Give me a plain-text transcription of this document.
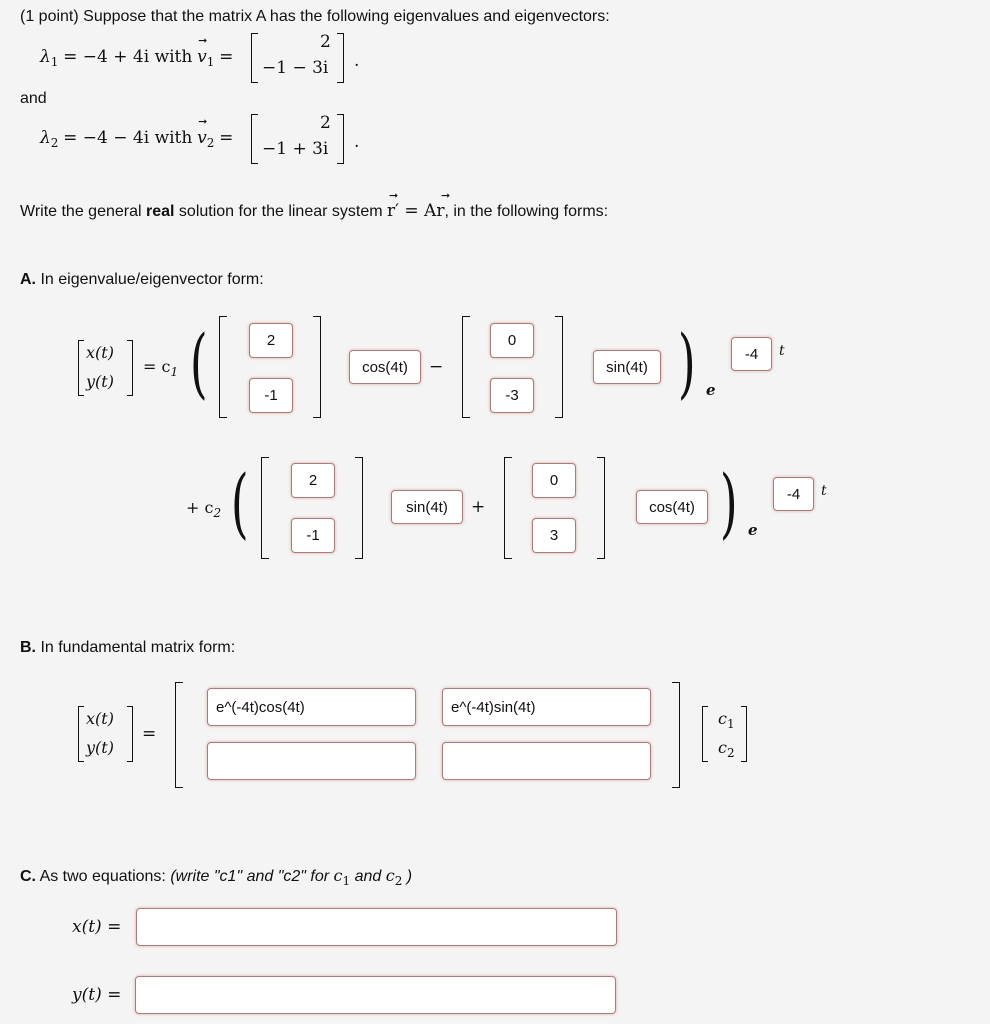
(1 point) Suppose that the matrix A has the following eigenvalues and eigenvectors:
$\lambda_1 = -4 + 4i$ with
➞
$v_1$ =
2
−1 − 3i .
and
$\lambda_2 = -4 - 4i$ with
➞
$v_2$ =
2
−1 + 3i .
Write the general real solution for the linear system
➞	➞
r′ = Ar, in the following forms:
A. In eigenvalue/eigenvector form:
x(t)
y(t)
= $c_1$ (	2
-1
cos(4t)	−
0
-3
sin(4t) ) e
-4	t
+ $c_2$ (	2
-1
sin(4t)	+
0
3
cos(4t) ) e
-4	t
B. In fundamental matrix form:
x(t)
y(t)
=
e^(-4t)cos(4t)	e^(-4t)sin(4t)
$c_1$
$c_2$
C. As two equations: (write "c1" and "c2" for $c_1$ and $c_2$ )
x(t) =
y(t) =
